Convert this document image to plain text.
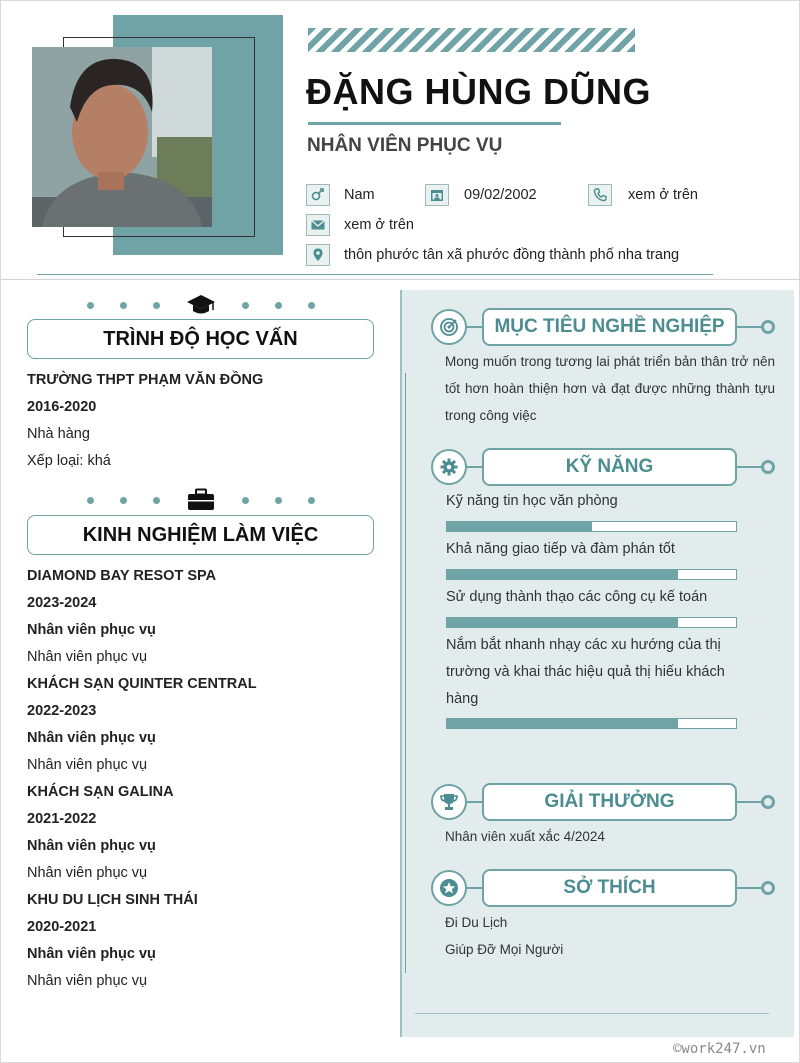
ĐẶNG HÙNG DŨNG
NHÂN VIÊN PHỤC VỤ
Nam	09/02/2002	xem ở trên
xem ở trên
thôn phước tân xã phước đồng thành phố nha trang
TRÌNH ĐỘ HỌC VẤN
TRƯỜNG THPT PHẠM VĂN ĐỒNG
2016-2020
Nhà hàng
Xếp loại: khá
KINH NGHIỆM LÀM VIỆC
DIAMOND BAY RESOT SPA
2023-2024
Nhân viên phục vụ
Nhân viên phục vụ
KHÁCH SẠN QUINTER CENTRAL
2022-2023
Nhân viên phục vụ
Nhân viên phục vụ
KHÁCH SẠN GALINA
2021-2022
Nhân viên phục vụ
Nhân viên phục vụ
KHU DU LỊCH SINH THÁI
2020-2021
Nhân viên phục vụ
Nhân viên phục vụ
MỤC TIÊU NGHỀ NGHIỆP
Mong muốn trong tương lai phát triển bản thân trở nên tốt hơn hoàn thiện hơn và đạt được những thành tựu trong công việc
KỸ NĂNG
Kỹ năng tin học văn phòng
Khả năng giao tiếp và đàm phán tốt
Sử dụng thành thạo các công cụ kế toán
Nắm bắt nhanh nhạy các xu hướng của thị trường và khai thác hiệu quả thị hiếu khách hàng
GIẢI THƯỞNG
Nhân viên xuất xắc 4/2024
SỞ THÍCH
Đi Du Lịch
Giúp Đỡ Mọi Người
©work247.vn
